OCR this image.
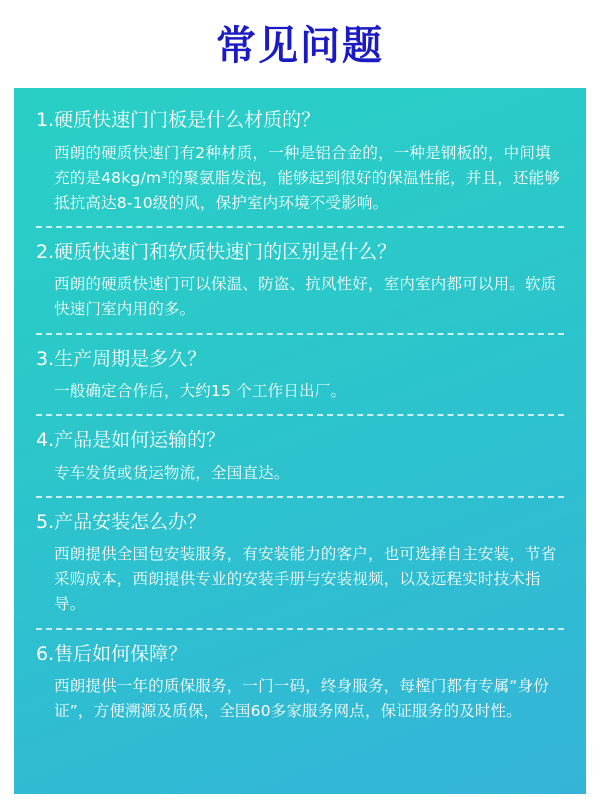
常见问题
1.硬质快速门门板是什么材质的？
西朗的硬质快速门有2种材质，一种是铝合金的，一种是钢板的，中间填充的是48kg/m³的聚氨脂发泡，能够起到很好的保温性能，并且，还能够抵抗高达8-10级的风，保护室内环境不受影响。
2.硬质快速门和软质快速门的区别是什么？
西朗的硬质快速门可以保温、防盗、抗风性好，室内室内都可以用。软质快速门室内用的多。
3.生产周期是多久？
一般确定合作后，大约15 个工作日出厂。
4.产品是如何运输的？
专车发货或货运物流，全国直达。
5.产品安装怎么办？
西朗提供全国包安装服务，有安装能力的客户，也可选择自主安装，节省采购成本，西朗提供专业的安装手册与安装视频，以及远程实时技术指导。
6.售后如何保障？
西朗提供一年的质保服务，一门一码，终身服务，每樘门都有专属“身份证”，方便溯源及质保，全国60多家服务网点，保证服务的及时性。
